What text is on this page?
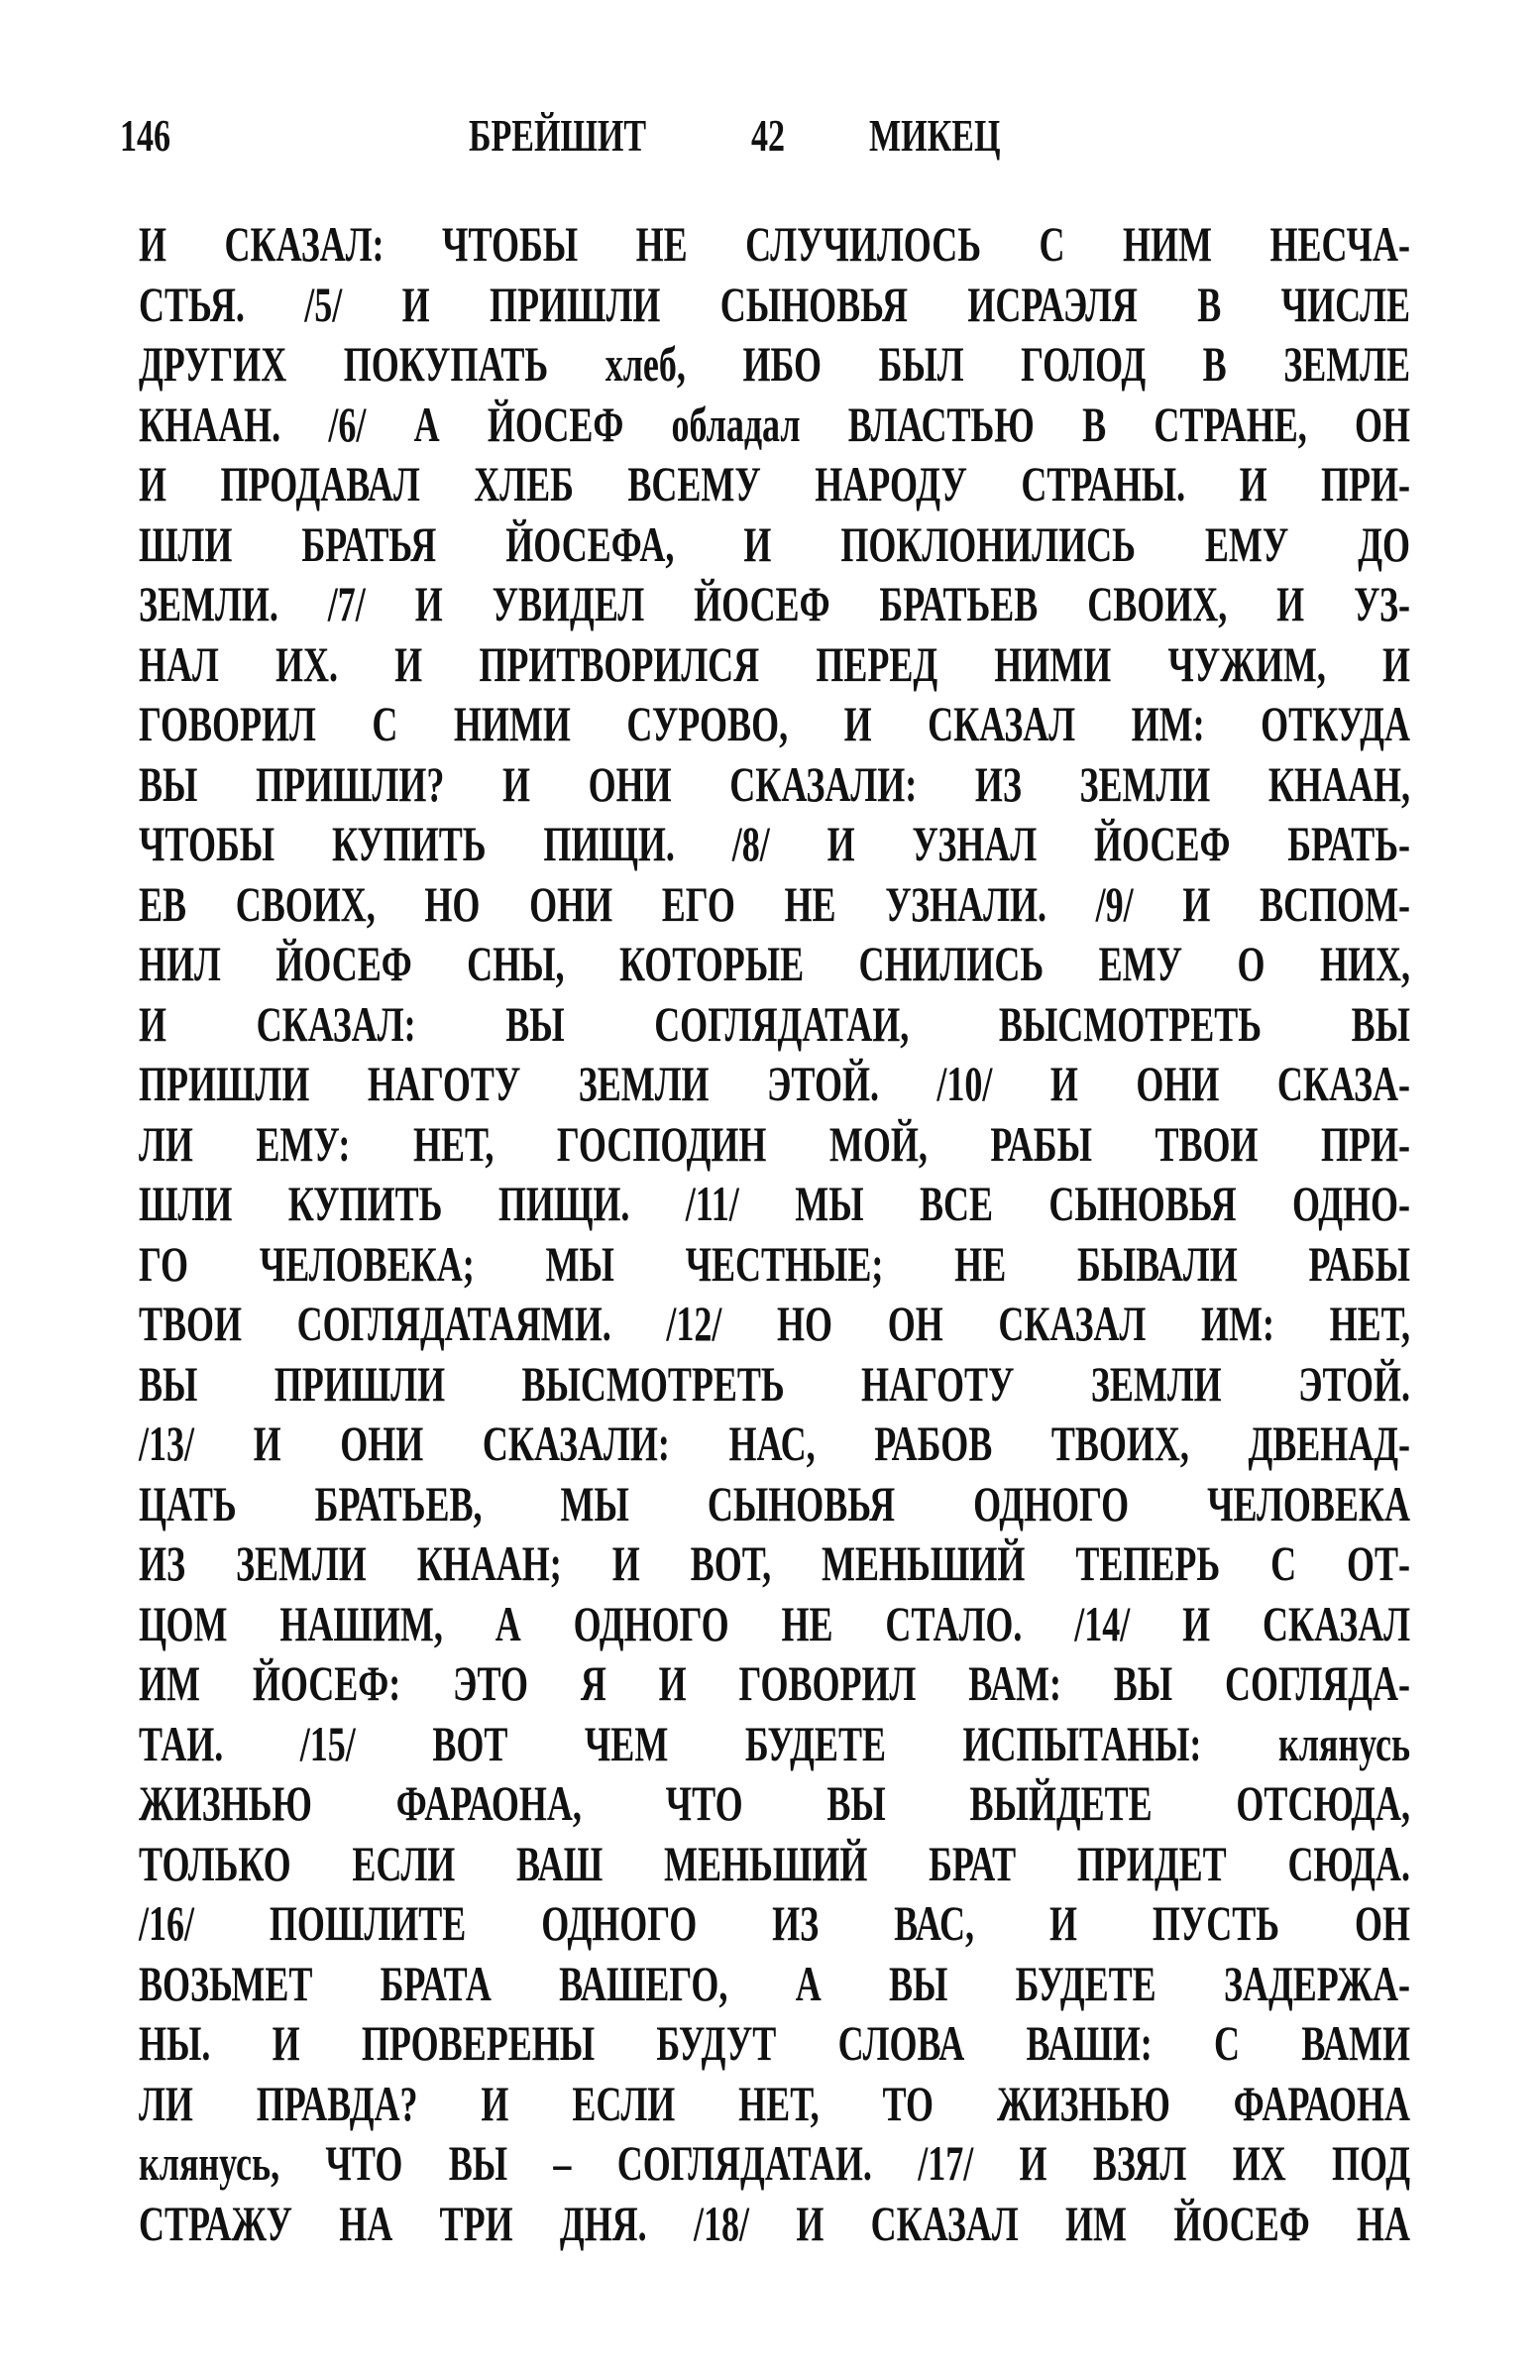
146	БРЕЙШИТ 42 МИКЕЦ
И СКАЗАЛ: ЧТОБЫ НЕ СЛУЧИЛОСЬ С НИМ НЕСЧА-
СТЬЯ. /5/ И ПРИШЛИ СЫНОВЬЯ ИСРАЭЛЯ В ЧИСЛЕ
ДРУГИХ ПОКУПАТЬ хлеб, ИБО БЫЛ ГОЛОД В ЗЕМЛЕ
КНААН. /6/ А ЙОСЕФ обладал ВЛАСТЬЮ В СТРАНЕ, ОН
И ПРОДАВАЛ ХЛЕБ ВСЕМУ НАРОДУ СТРАНЫ. И ПРИ-
ШЛИ БРАТЬЯ ЙОСЕФА, И ПОКЛОНИЛИСЬ ЕМУ ДО
ЗЕМЛИ. /7/ И УВИДЕЛ ЙОСЕФ БРАТЬЕВ СВОИХ, И УЗ-
НАЛ ИХ. И ПРИТВОРИЛСЯ ПЕРЕД НИМИ ЧУЖИМ, И
ГОВОРИЛ С НИМИ СУРОВО, И СКАЗАЛ ИМ: ОТКУДА
ВЫ ПРИШЛИ? И ОНИ СКАЗАЛИ: ИЗ ЗЕМЛИ КНААН,
ЧТОБЫ КУПИТЬ ПИЩИ. /8/ И УЗНАЛ ЙОСЕФ БРАТЬ-
ЕВ СВОИХ, НО ОНИ ЕГО НЕ УЗНАЛИ. /9/ И ВСПОМ-
НИЛ ЙОСЕФ СНЫ, КОТОРЫЕ СНИЛИСЬ ЕМУ О НИХ,
И СКАЗАЛ: ВЫ СОГЛЯДАТАИ, ВЫСМОТРЕТЬ ВЫ
ПРИШЛИ НАГОТУ ЗЕМЛИ ЭТОЙ. /10/ И ОНИ СКАЗА-
ЛИ ЕМУ: НЕТ, ГОСПОДИН МОЙ, РАБЫ ТВОИ ПРИ-
ШЛИ КУПИТЬ ПИЩИ. /11/ МЫ ВСЕ СЫНОВЬЯ ОДНО-
ГО ЧЕЛОВЕКА; МЫ ЧЕСТНЫЕ; НЕ БЫВАЛИ РАБЫ
ТВОИ СОГЛЯДАТАЯМИ. /12/ НО ОН СКАЗАЛ ИМ: НЕТ,
ВЫ ПРИШЛИ ВЫСМОТРЕТЬ НАГОТУ ЗЕМЛИ ЭТОЙ.
/13/ И ОНИ СКАЗАЛИ: НАС, РАБОВ ТВОИХ, ДВЕНАД-
ЦАТЬ БРАТЬЕВ, МЫ СЫНОВЬЯ ОДНОГО ЧЕЛОВЕКА
ИЗ ЗЕМЛИ КНААН; И ВОТ, МЕНЬШИЙ ТЕПЕРЬ С ОТ-
ЦОМ НАШИМ, А ОДНОГО НЕ СТАЛО. /14/ И СКАЗАЛ
ИМ ЙОСЕФ: ЭТО Я И ГОВОРИЛ ВАМ: ВЫ СОГЛЯДА-
ТАИ. /15/ ВОТ ЧЕМ БУДЕТЕ ИСПЫТАНЫ: клянусь
ЖИЗНЬЮ ФАРАОНА, ЧТО ВЫ ВЫЙДЕТЕ ОТСЮДА,
ТОЛЬКО ЕСЛИ ВАШ МЕНЬШИЙ БРАТ ПРИДЕТ СЮДА.
/16/ ПОШЛИТЕ ОДНОГО ИЗ ВАС, И ПУСТЬ ОН
ВОЗЬМЕТ БРАТА ВАШЕГО, А ВЫ БУДЕТЕ ЗАДЕРЖА-
НЫ. И ПРОВЕРЕНЫ БУДУТ СЛОВА ВАШИ: С ВАМИ
ЛИ ПРАВДА? И ЕСЛИ НЕТ, ТО ЖИЗНЬЮ ФАРАОНА
клянусь, ЧТО ВЫ – СОГЛЯДАТАИ. /17/ И ВЗЯЛ ИХ ПОД
СТРАЖУ НА ТРИ ДНЯ. /18/ И СКАЗАЛ ИМ ЙОСЕФ НА
